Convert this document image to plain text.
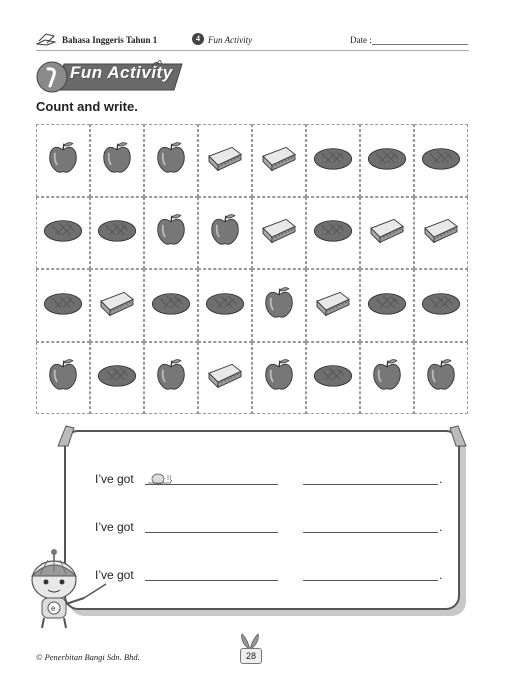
Bahasa Inggeris Tahun 1	4 Fun Activity	Date :
Fun Activity
Count and write.
I’ve got	.
I’ve got	.
I’ve got	.
e
© Penerbitan Bangi Sdn. Bhd.	28
